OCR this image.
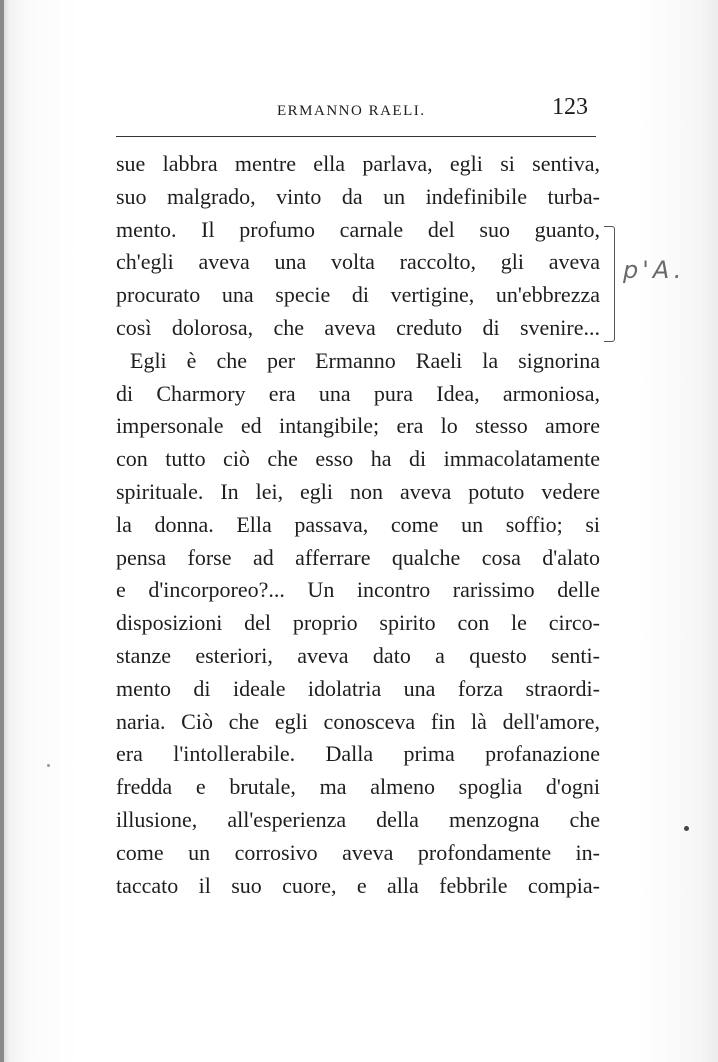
ERMANNO RAELI.	123
sue labbra mentre ella parlava, egli si sentiva,
suo malgrado, vinto da un indefinibile turba-
mento. Il profumo carnale del suo guanto,
ch'egli aveva una volta raccolto, gli aveva
procurato una specie di vertigine, un'ebbrezza
così dolorosa, che aveva creduto di svenire...
Egli è che per Ermanno Raeli la signorina
di Charmory era una pura Idea, armoniosa,
impersonale ed intangibile; era lo stesso amore
con tutto ciò che esso ha di immacolatamente
spirituale. In lei, egli non aveva potuto vedere
la donna. Ella passava, come un soffio; si
pensa forse ad afferrare qualche cosa d'alato
e d'incorporeo?... Un incontro rarissimo delle
disposizioni del proprio spirito con le circo-
stanze esteriori, aveva dato a questo senti-
mento di ideale idolatria una forza straordi-
naria. Ciò che egli conosceva fin là dell'amore,
era l'intollerabile. Dalla prima profanazione
fredda e brutale, ma almeno spoglia d'ogni
illusione, all'esperienza della menzogna che
come un corrosivo aveva profondamente in-
taccato il suo cuore, e alla febbrile compia-
p'A.
